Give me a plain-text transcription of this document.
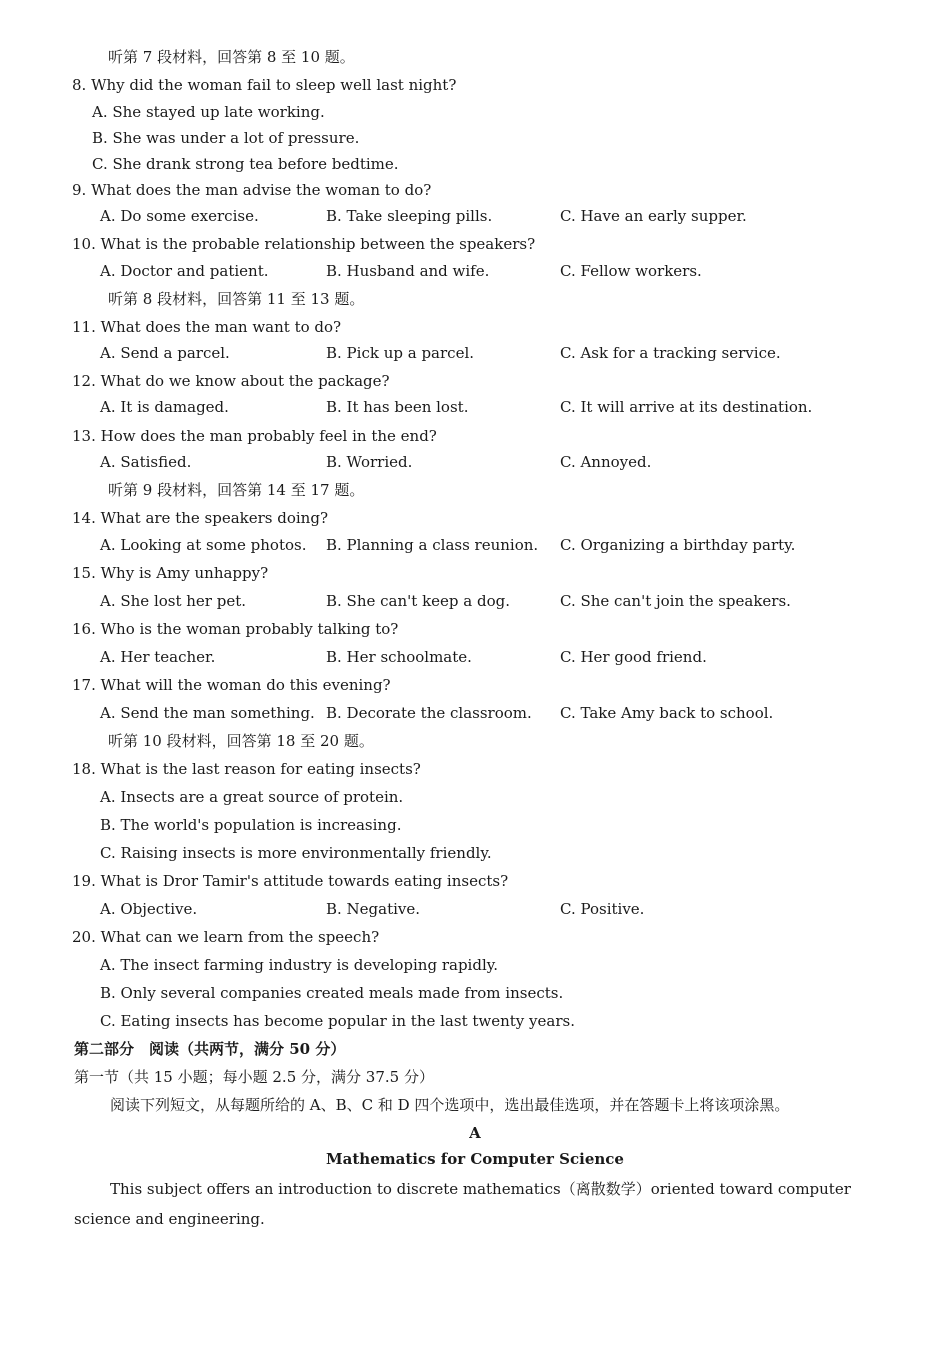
听第 7 段材料，回答第 8 至 10 题。
8. Why did the woman fail to sleep well last night?
A. She stayed up late working.
B. She was under a lot of pressure.
C. She drank strong tea before bedtime.
9. What does the man advise the woman to do?
A. Do some exercise.	B. Take sleeping pills.	C. Have an early supper.
10. What is the probable relationship between the speakers?
A. Doctor and patient.	B. Husband and wife.	C. Fellow workers.
听第 8 段材料，回答第 11 至 13 题。
11. What does the man want to do?
A. Send a parcel.	B. Pick up a parcel.	C. Ask for a tracking service.
12. What do we know about the package?
A. It is damaged.	B. It has been lost.	C. It will arrive at its destination.
13. How does the man probably feel in the end?
A. Satisfied.	B. Worried.	C. Annoyed.
听第 9 段材料，回答第 14 至 17 题。
14. What are the speakers doing?
A. Looking at some photos. B. Planning a class reunion. C. Organizing a birthday party.
15. Why is Amy unhappy?
A. She lost her pet.	B. She can't keep a dog.	C. She can't join the speakers.
16. Who is the woman probably talking to?
A. Her teacher.	B. Her schoolmate.	C. Her good friend.
17. What will the woman do this evening?
A. Send the man something. B. Decorate the classroom. C. Take Amy back to school.
听第 10 段材料，回答第 18 至 20 题。
18. What is the last reason for eating insects?
A. Insects are a great source of protein.
B. The world's population is increasing.
C. Raising insects is more environmentally friendly.
19. What is Dror Tamir's attitude towards eating insects?
A. Objective.	B. Negative.	C. Positive.
20. What can we learn from the speech?
A. The insect farming industry is developing rapidly.
B. Only several companies created meals made from insects.
C. Eating insects has become popular in the last twenty years.
第二部分　阅读（共两节，满分 50 分）
第一节（共 15 小题；每小题 2.5 分，满分 37.5 分）
阅读下列短文，从每题所给的 A、B、C 和 D 四个选项中，选出最佳选项，并在答题卡上将该项涂黑。
A
Mathematics for Computer Science
This subject offers an introduction to discrete mathematics（离散数学）oriented toward computer science and engineering.
